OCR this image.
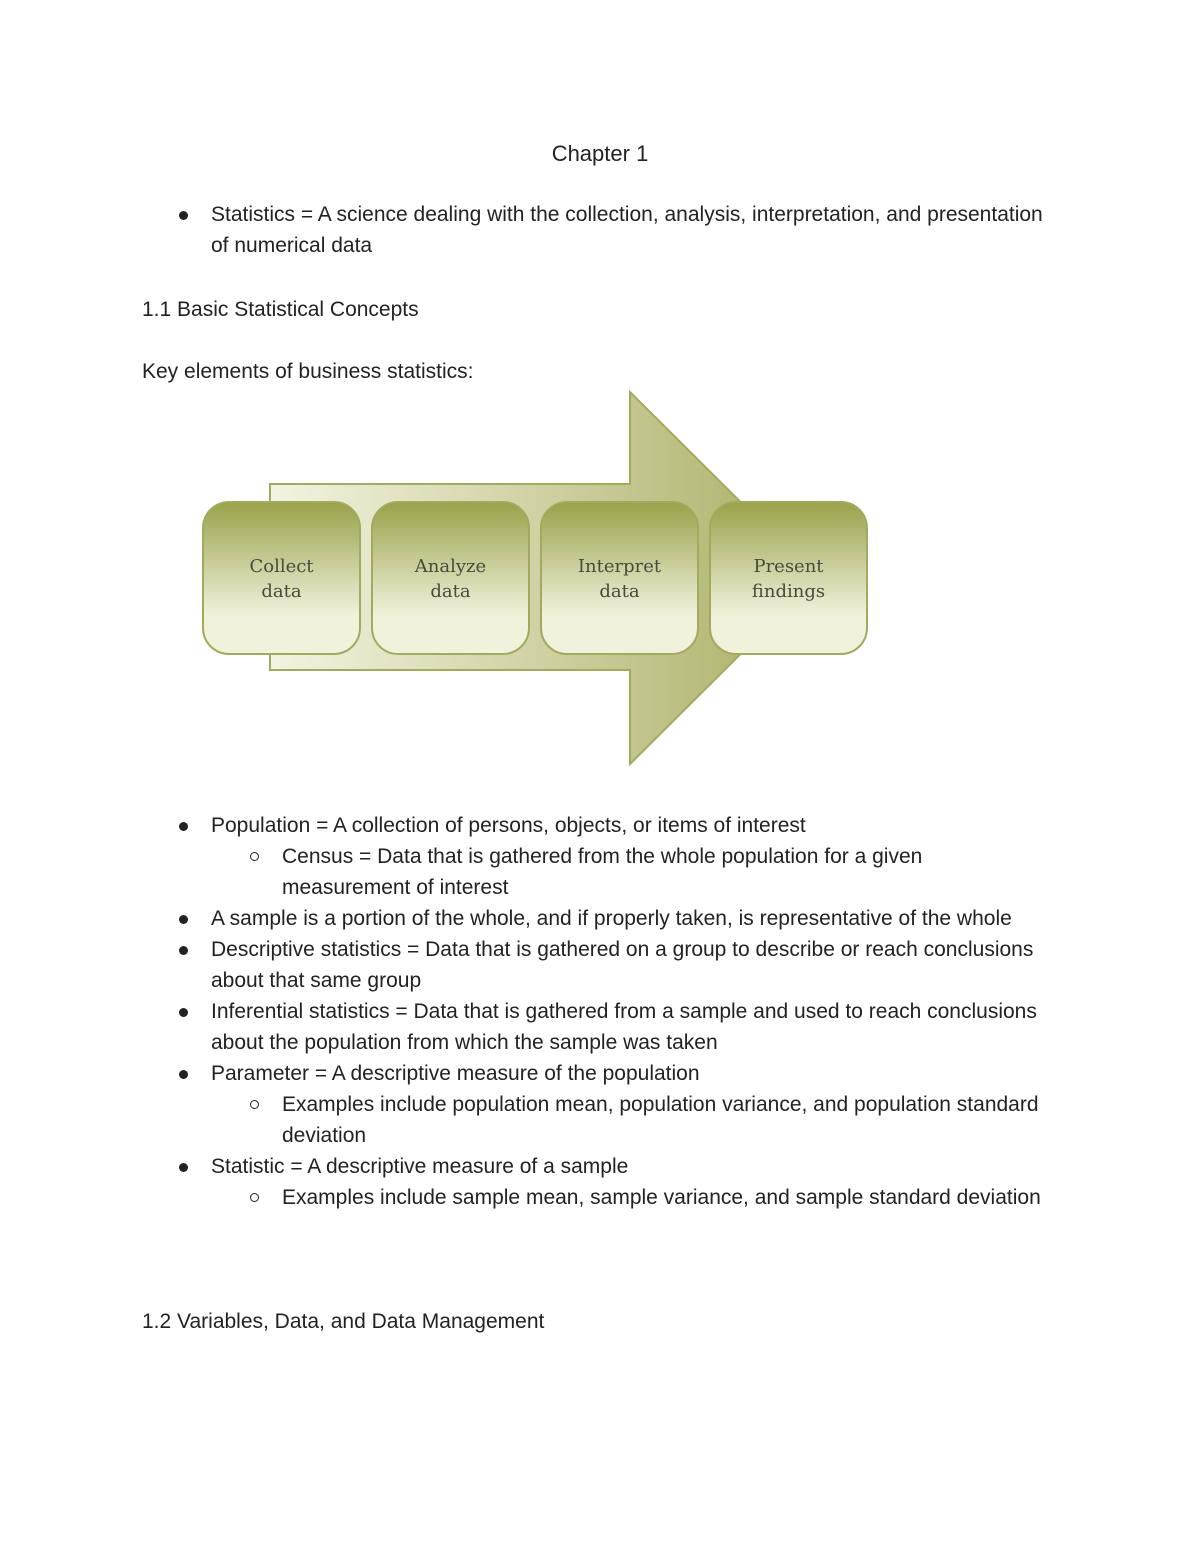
Chapter 1
Statistics = A science dealing with the collection, analysis, interpretation, and presentation of numerical data
1.1 Basic Statistical Concepts
Key elements of business statistics:
Collect
data
Analyze
data
Interpret
data
Present
findings
Population = A collection of persons, objects, or items of interest
Census = Data that is gathered from the whole population for a given measurement of interest
A sample is a portion of the whole, and if properly taken, is representative of the whole
Descriptive statistics = Data that is gathered on a group to describe or reach conclusions about that same group
Inferential statistics = Data that is gathered from a sample and used to reach conclusions about the population from which the sample was taken
Parameter = A descriptive measure of the population
Examples include population mean, population variance, and population standard deviation
Statistic = A descriptive measure of a sample
Examples include sample mean, sample variance, and sample standard deviation
1.2 Variables, Data, and Data Management
